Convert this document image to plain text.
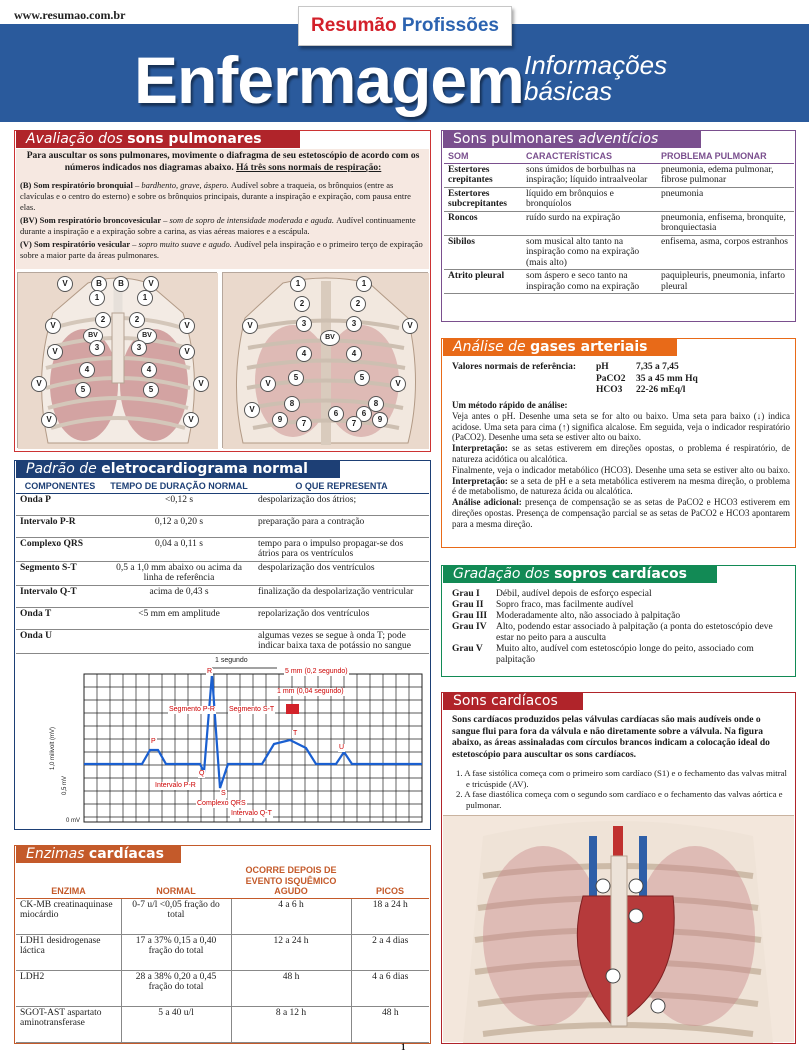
www.resumao.com.br	Resumão Profissões
Enfermagem Informações
básicas
Avaliação dos sons pulmonares
Para auscultar os sons pulmonares, movimente o diafragma de seu estetoscópio de acordo com os números indicados nos diagramas abaixo. Há três sons normais de respiração:
(B) Som respiratório bronquial – bardhento, grave, áspero. Audível sobre a traqueia, os brônquios (entre as clavículas e o centro do esterno) e sobre os brônquios principais, durante a inspiração e expiração, com pausa entre elas.
(BV) Som respiratório broncovesicular – som de sopro de intensidade moderada e aguda. Audível continuamente durante a inspiração e a expiração sobre a carina, as vias aéreas maiores e a escápula.
(V) Som respiratório vesicular – sopro muito suave e agudo. Audível pela inspiração e o primeiro terço de expiração sobre a maior parte da áreas pulmonares.
V	B	B	V
1	1
2	2
V	V
BV	BV
3	3
V	V
4	4
V	V
5	5
V	V
1	1
2	2
V	V
3	3
BV
4	4
V	V
5	5
V
8	8
6	6
7	7
9	9
Sons pulmonares adventícios
SOM	CARACTERÍSTICAS	PROBLEMA PULMONAR
Estertores crepitantes	sons úmidos de borbulhas na inspiração; líquido intraalveolar	pneumonia, edema pulmonar, fibrose pulmonar
Estertores subcrepitantes	líquido em brônquios e bronquíolos	pneumonia
Roncos	ruído surdo na expiração	pneumonia, enfisema, bronquite, bronquiectasia
Sibilos	som musical alto tanto na inspiração como na expiração (mais alto)	enfisema, asma, corpos estranhos
Atrito pleural	som áspero e seco tanto na inspiração como na expiração	paquipleuris, pneumonia, infarto pleural
Análise de gases arteriais
Valores normais de referência: pH	7,35 a 7,45
PaCO2 35 a 45 mm Hq
HCO3 22-26 mEq/l
Um método rápido de análise:
Veja antes o pH. Desenhe uma seta se for alto ou baixo. Uma seta para baixo (↓) indica acidose. Uma seta para cima (↑) significa alcalose. Em seguida, veja o indicador respiratório (PaCO2). Desenhe uma seta se estiver alto ou baixo.
Interpretação: se as setas estiverem em direções opostas, o problema é respiratório, de natureza acidótica ou alcalótica.
Finalmente, veja o indicador metabólico (HCO3). Desenhe uma seta se estiver alto ou baixo. Interpretação: se a seta de pH e a seta metabólica estiverem na mesma direção, o problema é de metabolismo, de natureza ácida ou alcalótica.
Análise adicional: presença de compensação se as setas de PaCO2 e HCO3 estiverem em direções opostas. Presença de compensação parcial se as setas de PaCO2 e HCO3 apontarem para a mesma direção.
Padrão de eletrocardiograma normal
COMPONENTES	TEMPO DE DURAÇÃO NORMAL	O QUE REPRESENTA
Onda P	<0,12 s	despolarização dos átrios;
Intervalo P-R	0,12 a 0,20 s	preparação para a contração
Complexo QRS	0,04 a 0,11 s	tempo para o impulso propagar-se dos átrios para os ventrículos
Segmento S-T	0,5 a 1,0 mm abaixo ou acima da linha de referência	despolarização dos ventrículos
Intervalo Q-T	acima de 0,43 s	finalização da despolarização ventricular
Onda T	<5 mm em amplitude	repolarização dos ventrículos
Onda U		algumas vezes se segue à onda T; pode indicar baixa taxa de potássio no sangue
1 segundo
5 mm (0,2 segundo)
1 mm (0,04 segundo)
Segmento P-R Segmento S-T
P
R
Q
S
T
U
Intervalo P-R
Complexo QRS
Intervalo Q-T
1,0 milivolt (mV)
0,5 mV
0 mV
Gradação dos sopros cardíacos
Grau I	Débil, audível depois de esforço especial
Grau II	Sopro fraco, mas facilmente audível
Grau III Moderadamente alto, não associado à palpitação
Grau IV Alto, podendo estar associado à palpitação (a ponta do estetoscópio deve estar no peito para a ausculta
Grau V	Muito alto, audível com estetoscópio longe do peito, associado com palpitação
Sons cardíacos
Sons cardíacos produzidos pelas válvulas cardíacas são mais audíveis onde o sangue flui para fora da válvula e não diretamente sobre a válvula. Na figura abaixo, as áreas assinaladas com círculos brancos indicam a colocação ideal do estetoscópio para auscultar os sons cardíacos.
1. A fase sistólica começa com o primeiro som cardíaco (S1) e o fechamento das valvas mitral e tricúspide (AV).
2. A fase diastólica começa com o segundo som cardíaco e o fechamento das valvas aórtica e pulmonar.
Enzimas cardíacas
ENZIMA	NORMAL	OCORRE DEPOIS DE EVENTO ISQUÊMICO AGUDO	PICOS
CK-MB creatinaquinase miocárdio	0-7 u/l <0,05 fração do total	4 a 6 h	18 a 24 h
LDH1 desidrogenase láctica	17 a 37% 0,15 a 0,40 fração do total	12 a 24 h	2 a 4 dias
LDH2	28 a 38% 0,20 a 0,45 fração do total	48 h	4 a 6 dias
SGOT-AST aspartato aminotransferase	5 a 40 u/l	8 a 12 h	48 h
1
